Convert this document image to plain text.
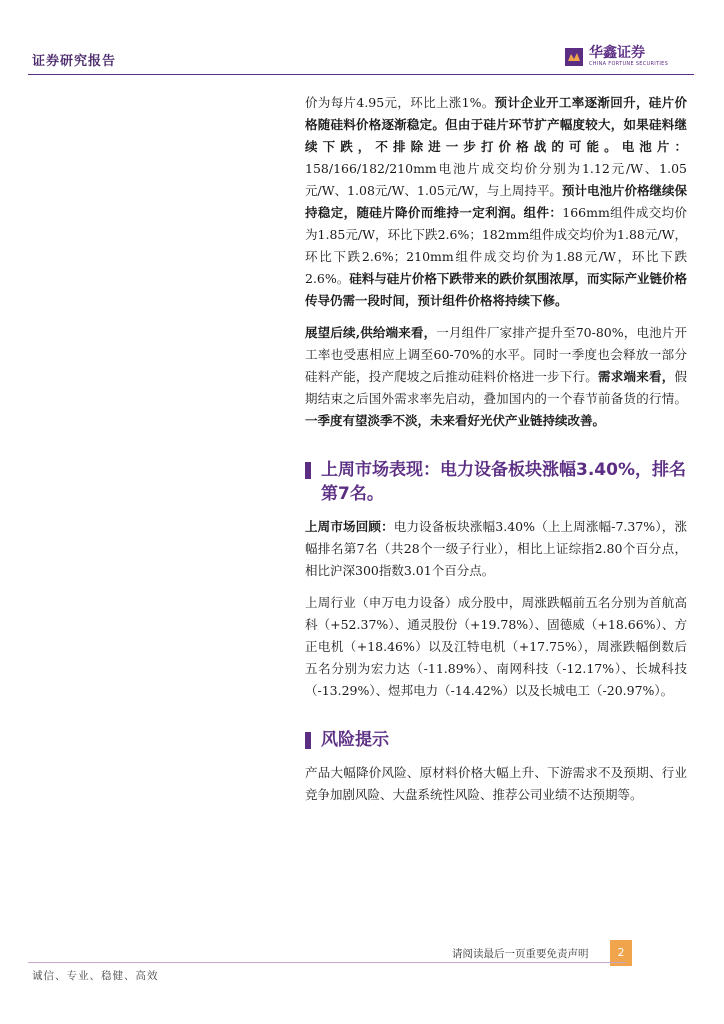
证券研究报告
华鑫证券
CHINA FORTUNE SECURITIES

价为每片4.95元，环比上涨1%。预计企业开工率逐渐回升，硅片价格随硅料价格逐渐稳定。但由于硅片环节扩产幅度较大，如果硅料继续下跌，不排除进一步打价格战的可能。电池片：158/166/182/210mm电池片成交均价分别为1.12元/W、1.05元/W、1.08元/W、1.05元/W，与上周持平。预计电池片价格继续保持稳定，随硅片降价而维持一定利润。组件：166mm组件成交均价为1.85元/W，环比下跌2.6%；182mm组件成交均价为1.88元/W，环比下跌2.6%；210mm组件成交均价为1.88元/W，环比下跌2.6%。硅料与硅片价格下跌带来的跌价氛围浓厚，而实际产业链价格传导仍需一段时间，预计组件价格将持续下修。

展望后续,供给端来看，一月组件厂家排产提升至70-80%，电池片开工率也受惠相应上调至60-70%的水平。同时一季度也会释放一部分硅料产能，投产爬坡之后推动硅料价格进一步下行。需求端来看，假期结束之后国外需求率先启动，叠加国内的一个春节前备货的行情。一季度有望淡季不淡，未来看好光伏产业链持续改善。

上周市场表现：电力设备板块涨幅3.40%，排名第7名。

上周市场回顾：电力设备板块涨幅3.40%（上上周涨幅-7.37%），涨幅排名第7名（共28个一级子行业），相比上证综指2.80个百分点，相比沪深300指数3.01个百分点。

上周行业（申万电力设备）成分股中，周涨跌幅前五名分别为首航高科（+52.37%）、通灵股份（+19.78%）、固德威（+18.66%）、方正电机（+18.46%）以及江特电机（+17.75%），周涨跌幅倒数后五名分别为宏力达（-11.89%）、南网科技（-12.17%）、长城科技（-13.29%）、煜邦电力（-14.42%）以及长城电工（-20.97%）。

风险提示

产品大幅降价风险、原材料价格大幅上升、下游需求不及预期、行业竞争加剧风险、大盘系统性风险、推荐公司业绩不达预期等。

请阅读最后一页重要免责声明	2
诚信、专业、稳健、高效
